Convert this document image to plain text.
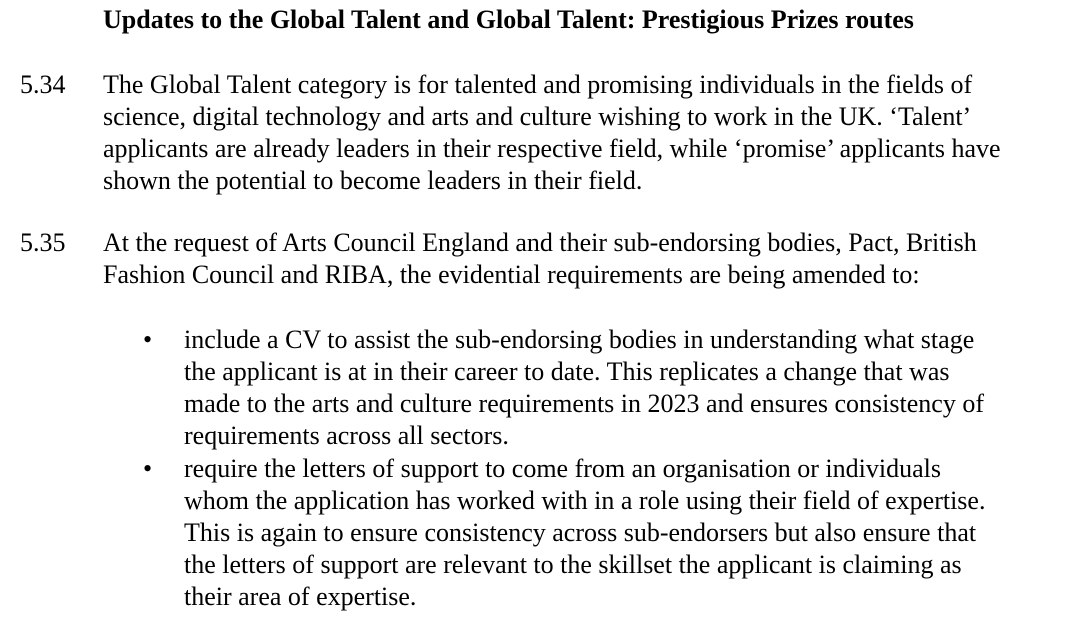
Updates to the Global Talent and Global Talent: Prestigious Prizes routes
5.34 The Global Talent category is for talented and promising individuals in the fields of
science, digital technology and arts and culture wishing to work in the UK. ‘Talent’
applicants are already leaders in their respective field, while ‘promise’ applicants have
shown the potential to become leaders in their field.
5.35 At the request of Arts Council England and their sub-endorsing bodies, Pact, British
Fashion Council and RIBA, the evidential requirements are being amended to:
• include a CV to assist the sub-endorsing bodies in understanding what stage
the applicant is at in their career to date. This replicates a change that was
made to the arts and culture requirements in 2023 and ensures consistency of
requirements across all sectors.
• require the letters of support to come from an organisation or individuals
whom the application has worked with in a role using their field of expertise.
This is again to ensure consistency across sub-endorsers but also ensure that
the letters of support are relevant to the skillset the applicant is claiming as
their area of expertise.
